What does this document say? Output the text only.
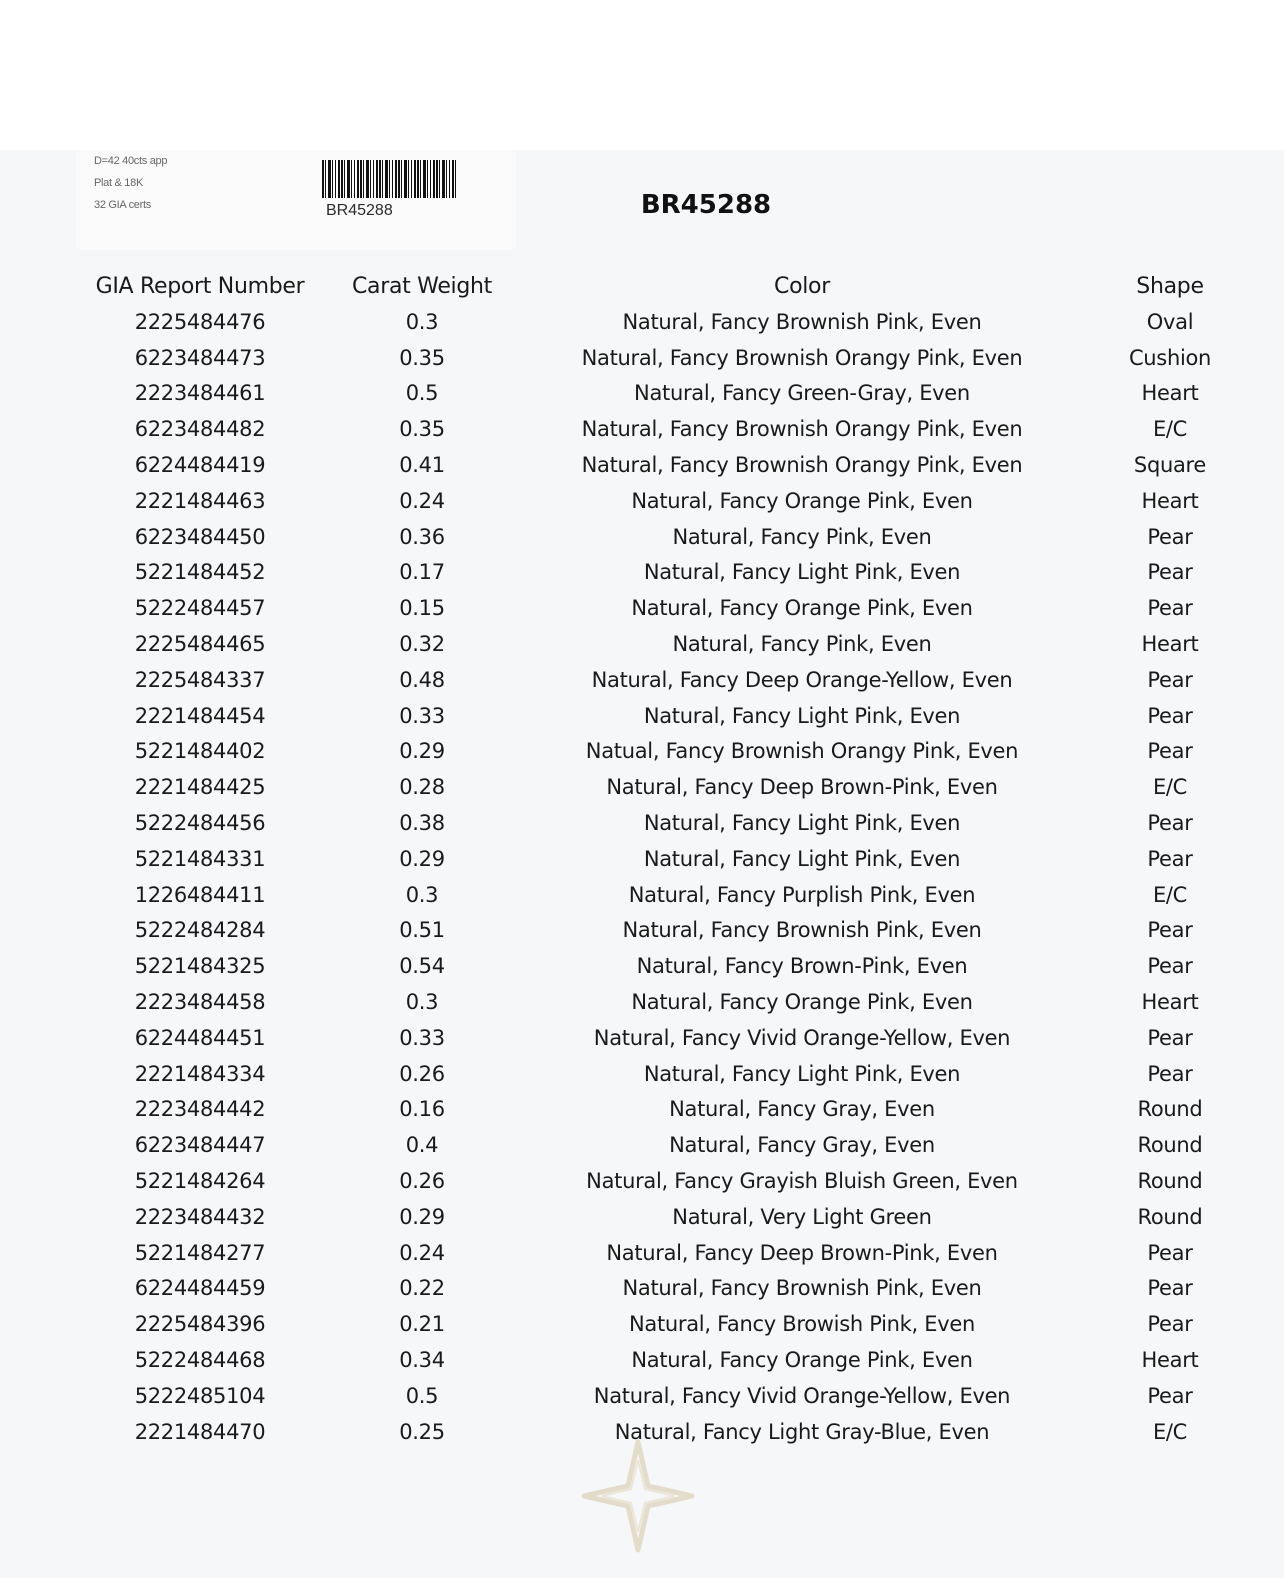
D=42 40cts app
Plat & 18K
32 GIA certs	BR45288	BR45288
GIA Report Number	Carat Weight	Color	Shape
2225484476	0.3	Natural, Fancy Brownish Pink, Even	Oval
6223484473	0.35	Natural, Fancy Brownish Orangy Pink, Even	Cushion
2223484461	0.5	Natural, Fancy Green-Gray, Even	Heart
6223484482	0.35	Natural, Fancy Brownish Orangy Pink, Even	E/C
6224484419	0.41	Natural, Fancy Brownish Orangy Pink, Even	Square
2221484463	0.24	Natural, Fancy Orange Pink, Even	Heart
6223484450	0.36	Natural, Fancy Pink, Even	Pear
5221484452	0.17	Natural, Fancy Light Pink, Even	Pear
5222484457	0.15	Natural, Fancy Orange Pink, Even	Pear
2225484465	0.32	Natural, Fancy Pink, Even	Heart
2225484337	0.48	Natural, Fancy Deep Orange-Yellow, Even	Pear
2221484454	0.33	Natural, Fancy Light Pink, Even	Pear
5221484402	0.29	Natual, Fancy Brownish Orangy Pink, Even	Pear
2221484425	0.28	Natural, Fancy Deep Brown-Pink, Even	E/C
5222484456	0.38	Natural, Fancy Light Pink, Even	Pear
5221484331	0.29	Natural, Fancy Light Pink, Even	Pear
1226484411	0.3	Natural, Fancy Purplish Pink, Even	E/C
5222484284	0.51	Natural, Fancy Brownish Pink, Even	Pear
5221484325	0.54	Natural, Fancy Brown-Pink, Even	Pear
2223484458	0.3	Natural, Fancy Orange Pink, Even	Heart
6224484451	0.33	Natural, Fancy Vivid Orange-Yellow, Even	Pear
2221484334	0.26	Natural, Fancy Light Pink, Even	Pear
2223484442	0.16	Natural, Fancy Gray, Even	Round
6223484447	0.4	Natural, Fancy Gray, Even	Round
5221484264	0.26	Natural, Fancy Grayish Bluish Green, Even	Round
2223484432	0.29	Natural, Very Light Green	Round
5221484277	0.24	Natural, Fancy Deep Brown-Pink, Even	Pear
6224484459	0.22	Natural, Fancy Brownish Pink, Even	Pear
2225484396	0.21	Natural, Fancy Browish Pink, Even	Pear
5222484468	0.34	Natural, Fancy Orange Pink, Even	Heart
5222485104	0.5	Natural, Fancy Vivid Orange-Yellow, Even	Pear
2221484470	0.25	Natural, Fancy Light Gray-Blue, Even	E/C
